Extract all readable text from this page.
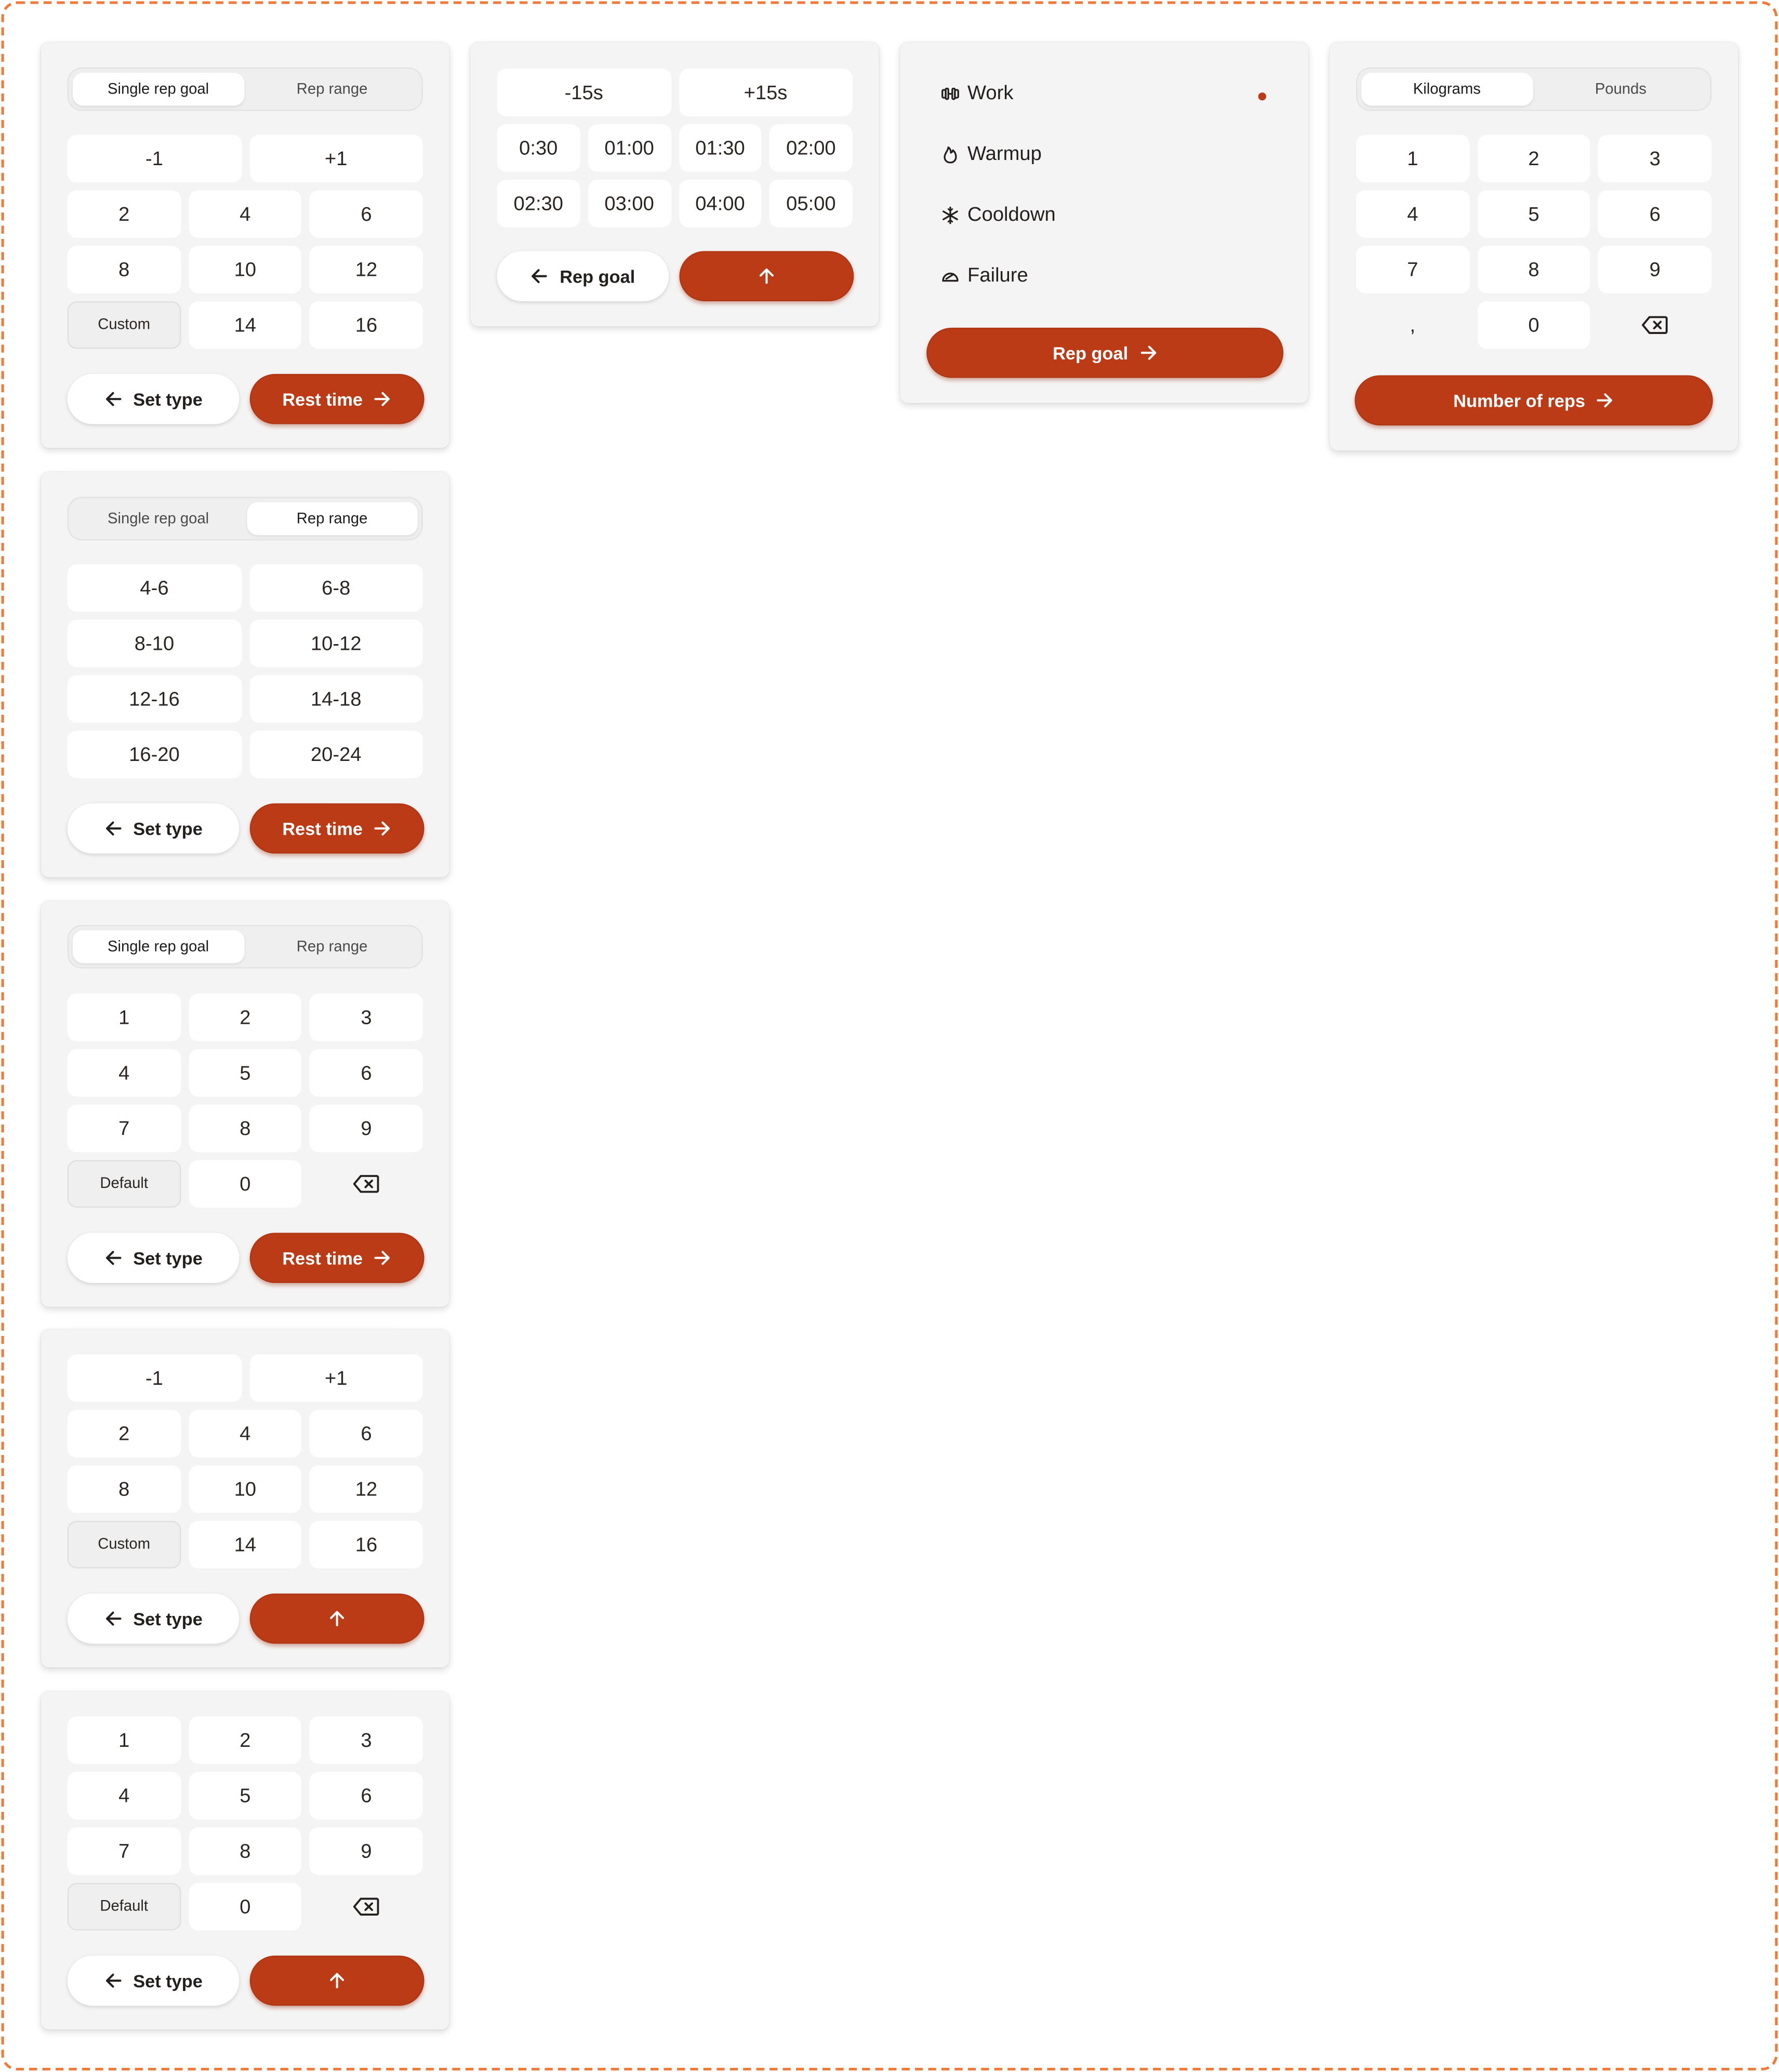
Single rep goal	Rep range
-1	+1
2	4	6
8	10	12
Custom	14	16
Set type	Rest time
Single rep goal	Rep range
4-6	6-8
8-10	10-12
12-16	14-18
16-20	20-24
Set type	Rest time
Single rep goal	Rep range
1	2	3
4	5	6
7	8	9
Default	0
Set type	Rest time
-1	+1
2	4	6
8	10	12
Custom	14	16
Set type
1	2	3
4	5	6
7	8	9
Default	0
Set type
-15s	+15s
0:30	01:00	01:30	02:00
02:30	03:00	04:00	05:00
Rep goal
Work
Warmup
Cooldown
Failure
Rep goal
Kilograms	Pounds
1	2	3
4	5	6
7	8	9
,	0
Number of reps
